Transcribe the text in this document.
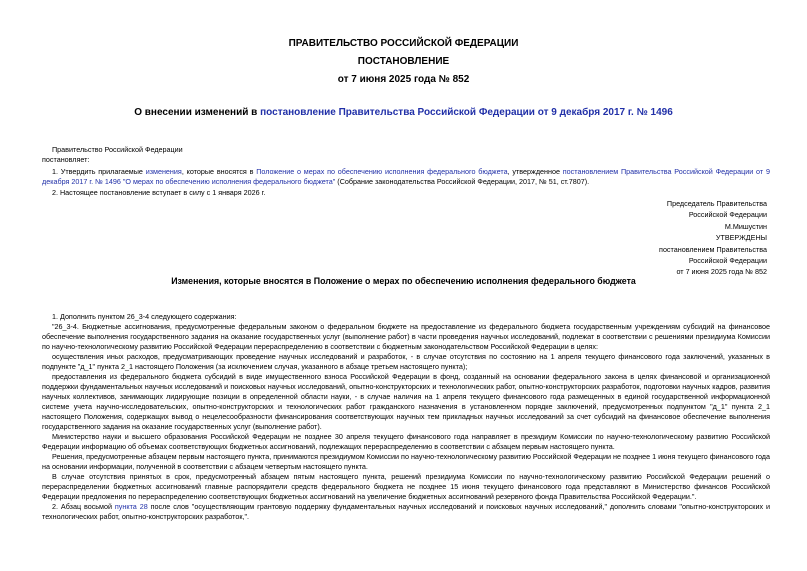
ПРАВИТЕЛЬСТВО РОССИЙСКОЙ ФЕДЕРАЦИИ
ПОСТАНОВЛЕНИЕ
от 7 июня 2025 года № 852
О внесении изменений в постановление Правительства Российской Федерации от 9 декабря 2017 г. № 1496

Правительство Российской Федерации

постановляет:

1. Утвердить прилагаемые изменения, которые вносятся в Положение о мерах по обеспечению исполнения федерального бюджета, утвержденное постановлением Правительства Российской Федерации от 9 декабря 2017 г. № 1496 "О мерах по обеспечению исполнения федерального бюджета" (Собрание законодательства Российской Федерации, 2017, № 51, ст.7807).

2. Настоящее постановление вступает в силу с 1 января 2026 г.

Председатель Правительства
Российской Федерации
М.Мишустин
УТВЕРЖДЕНЫ
постановлением Правительства
Российской Федерации
от 7 июня 2025 года № 852
Изменения, которые вносятся в Положение о мерах по обеспечению исполнения федерального бюджета

1. Дополнить пунктом 26_3-4 следующего содержания:

"26_3-4. Бюджетные ассигнования, предусмотренные федеральным законом о федеральном бюджете на предоставление из федерального бюджета государственным учреждениям субсидий на финансовое обеспечение выполнения государственного задания на оказание государственных услуг (выполнение работ) в части проведения научных исследований, подлежат в соответствии с решениями президиума Комиссии по научно-технологическому развитию Российской Федерации перераспределению в соответствии с бюджетным законодательством Российской Федерации в целях:

осуществления иных расходов, предусматривающих проведение научных исследований и разработок, - в случае отсутствия по состоянию на 1 апреля текущего финансового года заключений, указанных в подпункте "д_1" пункта 2_1 настоящего Положения (за исключением случая, указанного в абзаце третьем настоящего пункта);

предоставления из федерального бюджета субсидий в виде имущественного взноса Российской Федерации в фонд, созданный на основании федерального закона в целях финансовой и организационной поддержки фундаментальных научных исследований и поисковых научных исследований, опытно-конструкторских и технологических работ, опытно-конструкторских разработок, подготовки научных кадров, развития научных коллективов, занимающих лидирующие позиции в определенной области науки, - в случае наличия на 1 апреля текущего финансового года размещенных в единой государственной информационной системе учета научно-исследовательских, опытно-конструкторских и технологических работ гражданского назначения в установленном порядке заключений, предусмотренных подпунктом "д_1" пункта 2_1 настоящего Положения, содержащих вывод о нецелесообразности финансирования соответствующих научных тем прикладных научных исследований за счет субсидий на финансовое обеспечение выполнения государственного задания на оказание государственных услуг (выполнение работ).

Министерство науки и высшего образования Российской Федерации не позднее 30 апреля текущего финансового года направляет в президиум Комиссии по научно-технологическому развитию Российской Федерации информацию об объемах соответствующих бюджетных ассигнований, подлежащих перераспределению в соответствии с абзацем первым настоящего пункта.

Решения, предусмотренные абзацем первым настоящего пункта, принимаются президиумом Комиссии по научно-технологическому развитию Российской Федерации не позднее 1 июня текущего финансового года на основании информации, полученной в соответствии с абзацем четвертым настоящего пункта.

В случае отсутствия принятых в срок, предусмотренный абзацем пятым настоящего пункта, решений президиума Комиссии по научно-технологическому развитию Российской Федерации решений о перераспределении бюджетных ассигнований главные распорядители средств федерального бюджета не позднее 15 июня текущего финансового года представляют в Министерство финансов Российской Федерации предложения по перераспределению соответствующих бюджетных ассигнований на увеличение бюджетных ассигнований резервного фонда Правительства Российской Федерации.".

2. Абзац восьмой пункта 28 после слов "осуществляющим грантовую поддержку фундаментальных научных исследований и поисковых научных исследований," дополнить словами "опытно-конструкторских и технологических работ, опытно-конструкторских разработок,".
